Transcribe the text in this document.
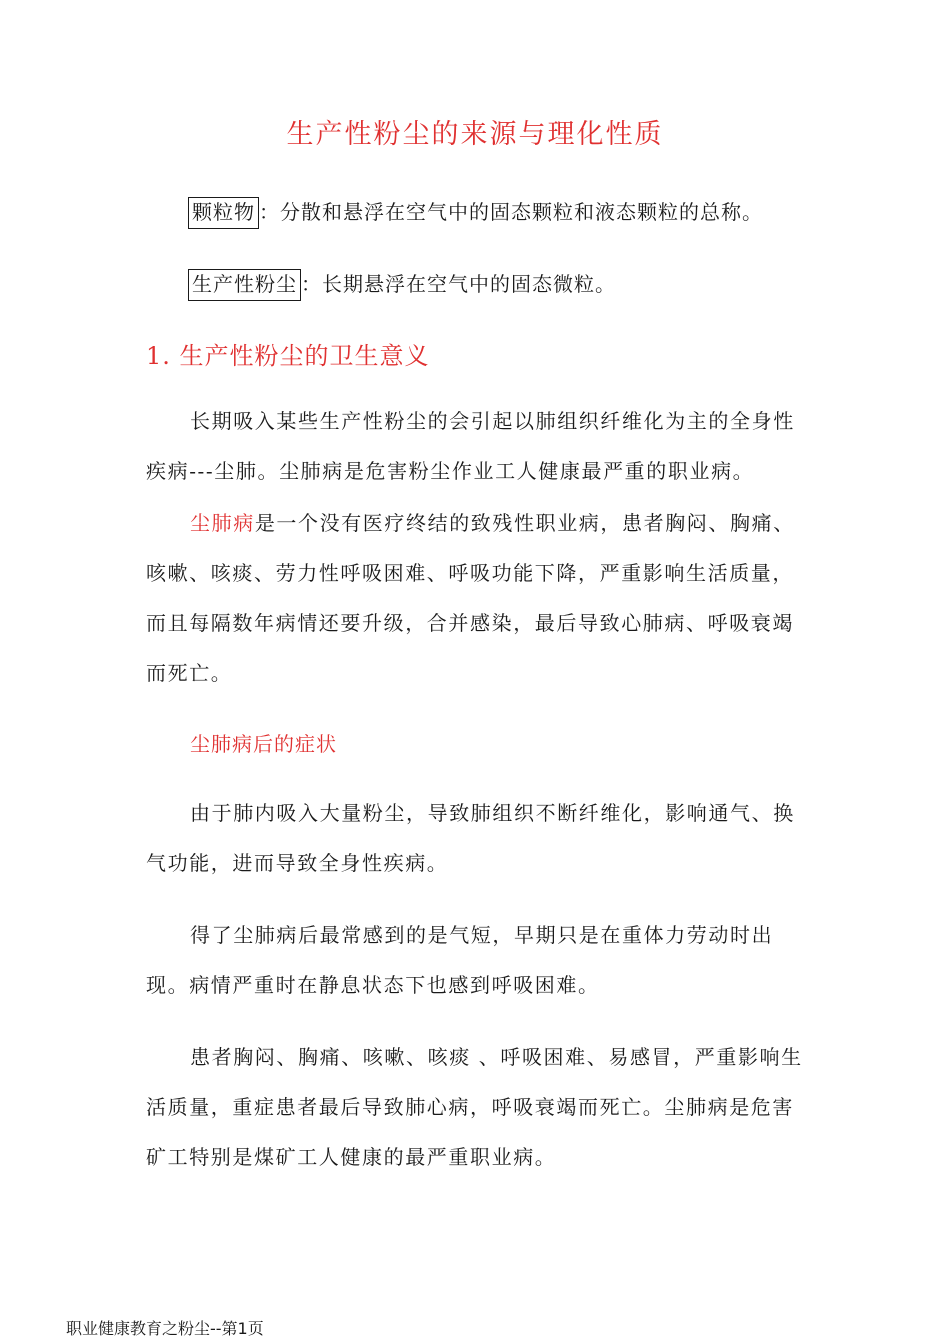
生产性粉尘的来源与理化性质
颗粒物 ：分散和悬浮在空气中的固态颗粒和液态颗粒的总称。
生产性粉尘 ：长期悬浮在空气中的固态微粒。
1. 生产性粉尘的卫生意义

长期吸入某些生产性粉尘的会引起以肺组织纤维化为主的全身性疾病---尘肺。尘肺病是危害粉尘作业工人健康最严重的职业病。

尘肺病是一个没有医疗终结的致残性职业病，患者胸闷、胸痛、咳嗽、咳痰、劳力性呼吸困难、呼吸功能下降，严重影响生活质量，而且每隔数年病情还要升级，合并感染，最后导致心肺病、呼吸衰竭而死亡。

尘肺病后的症状

由于肺内吸入大量粉尘，导致肺组织不断纤维化，影响通气、换气功能，进而导致全身性疾病。

得了尘肺病后最常感到的是气短，早期只是在重体力劳动时出现。病情严重时在静息状态下也感到呼吸困难。

患者胸闷、胸痛、咳嗽、咳痰 、呼吸困难、易感冒，严重影响生活质量，重症患者最后导致肺心病，呼吸衰竭而死亡。尘肺病是危害矿工特别是煤矿工人健康的最严重职业病。

职业健康教育之粉尘--第1页
